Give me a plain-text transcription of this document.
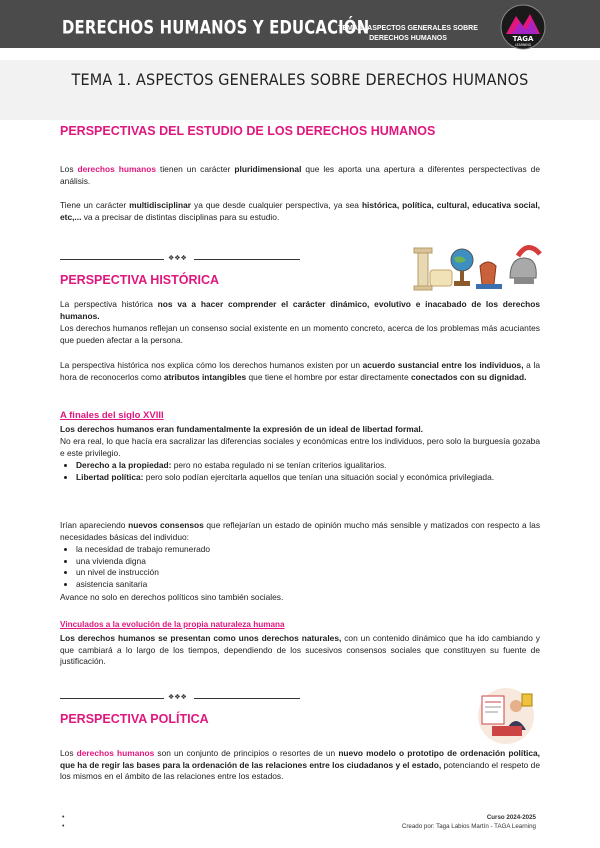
DERECHOS HUMANOS Y EDUCACIÓN
TEMA 1. ASPECTOS GENERALES SOBRE
DERECHOS HUMANOS	TAGA
LEARNING
TEMA 1. ASPECTOS GENERALES SOBRE DERECHOS HUMANOS
PERSPECTIVAS DEL ESTUDIO DE LOS DERECHOS HUMANOS
Los derechos humanos tienen un carácter pluridimensional que les aporta una apertura a diferentes perspectectivas de análisis.
Tiene un carácter multidisciplinar ya que desde cualquier perspectiva, ya sea histórica, política, cultural, educativa social, etc,... va a precisar de distintas disciplinas para su estudio.
❖❖❖
PERSPECTIVA HISTÓRICA
La perspectiva histórica nos va a hacer comprender el carácter dinámico, evolutivo e inacabado de los derechos humanos.
Los derechos humanos reflejan un consenso social existente en un momento concreto, acerca de los problemas más acuciantes que pueden afectar a la persona.
La perspectiva histórica nos explica cómo los derechos humanos existen por un acuerdo sustancial entre los individuos, a la hora de reconocerlos como atributos intangibles que tiene el hombre por estar directamente conectados con su dignidad.
A finales del siglo XVIII
Los derechos humanos eran fundamentalmente la expresión de un ideal de libertad formal.
No era real, lo que hacía era sacralizar las diferencias sociales y económicas entre los individuos, pero solo la burguesía gozaba e este privilegio.
• Derecho a la propiedad: pero no estaba regulado ni se tenían criterios igualitarios.
• Libertad política: pero solo podían ejercitarla aquellos que tenían una situación social y económica privilegiada.
Irían apareciendo nuevos consensos que reflejarían un estado de opinión mucho más sensible y matizados con respecto a las necesidades básicas del individuo:
• la necesidad de trabajo remunerado
• una vivienda digna
• un nivel de instrucción
• asistencia sanitaria
Avance no solo en derechos políticos sino también sociales.
Vinculados a la evolución de la propia naturaleza humana
Los derechos humanos se presentan como unos derechos naturales, con un contenido dinámico que ha ido cambiando y que cambiará a lo largo de los tiempos, dependiendo de los sucesivos consensos sociales que constituyen su fuente de justificación.
❖❖❖
PERSPECTIVA POLÍTICA
Los derechos humanos son un conjunto de principios o resortes de un nuevo modelo o prototipo de ordenación política, que ha de regir las bases para la ordenación de las relaciones entre los ciudadanos y el estado, potenciando el respeto de los mismos en el ámbito de las relaciones entre los estados.
•
•
Curso 2024-2025
Creado por: Taga Labios Martín - TAGA Learning
